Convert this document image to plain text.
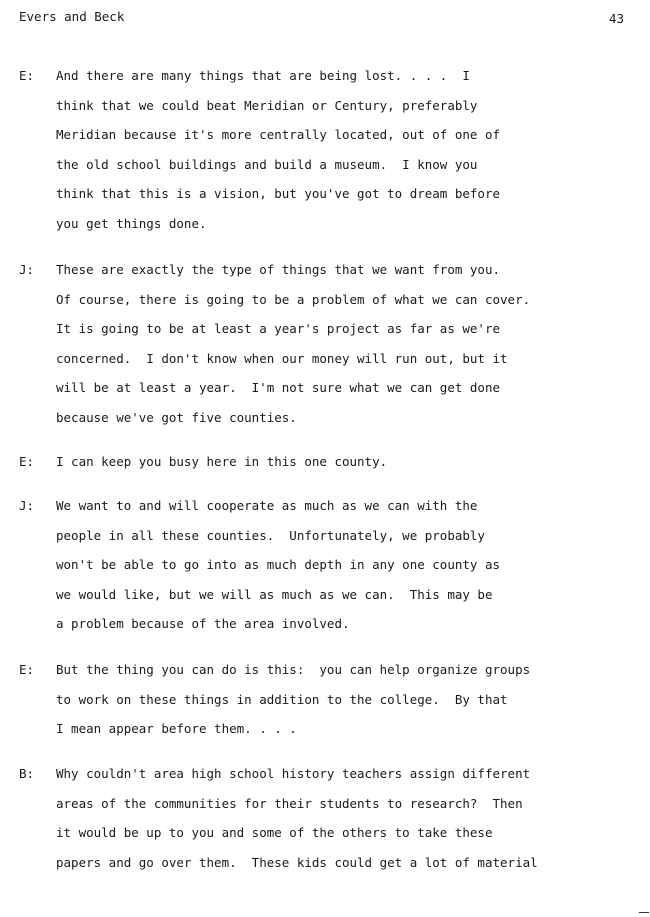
Evers and Beck	43
E: And there are many things that are being lost. . . .  I
think that we could beat Meridian or Century, preferably
Meridian because it's more centrally located, out of one of
the old school buildings and build a museum.  I know you
think that this is a vision, but you've got to dream before
you get things done.
J: These are exactly the type of things that we want from you.
Of course, there is going to be a problem of what we can cover.
It is going to be at least a year's project as far as we're
concerned.  I don't know when our money will run out, but it
will be at least a year.  I'm not sure what we can get done
because we've got five counties.
E: I can keep you busy here in this one county.
J: We want to and will cooperate as much as we can with the
people in all these counties.  Unfortunately, we probably
won't be able to go into as much depth in any one county as
we would like, but we will as much as we can.  This may be
a problem because of the area involved.
E: But the thing you can do is this:  you can help organize groups
to work on these things in addition to the college.  By that
I mean appear before them. . . .
B: Why couldn't area high school history teachers assign different
areas of the communities for their students to research?  Then
it would be up to you and some of the others to take these
papers and go over them.  These kids could get a lot of material
